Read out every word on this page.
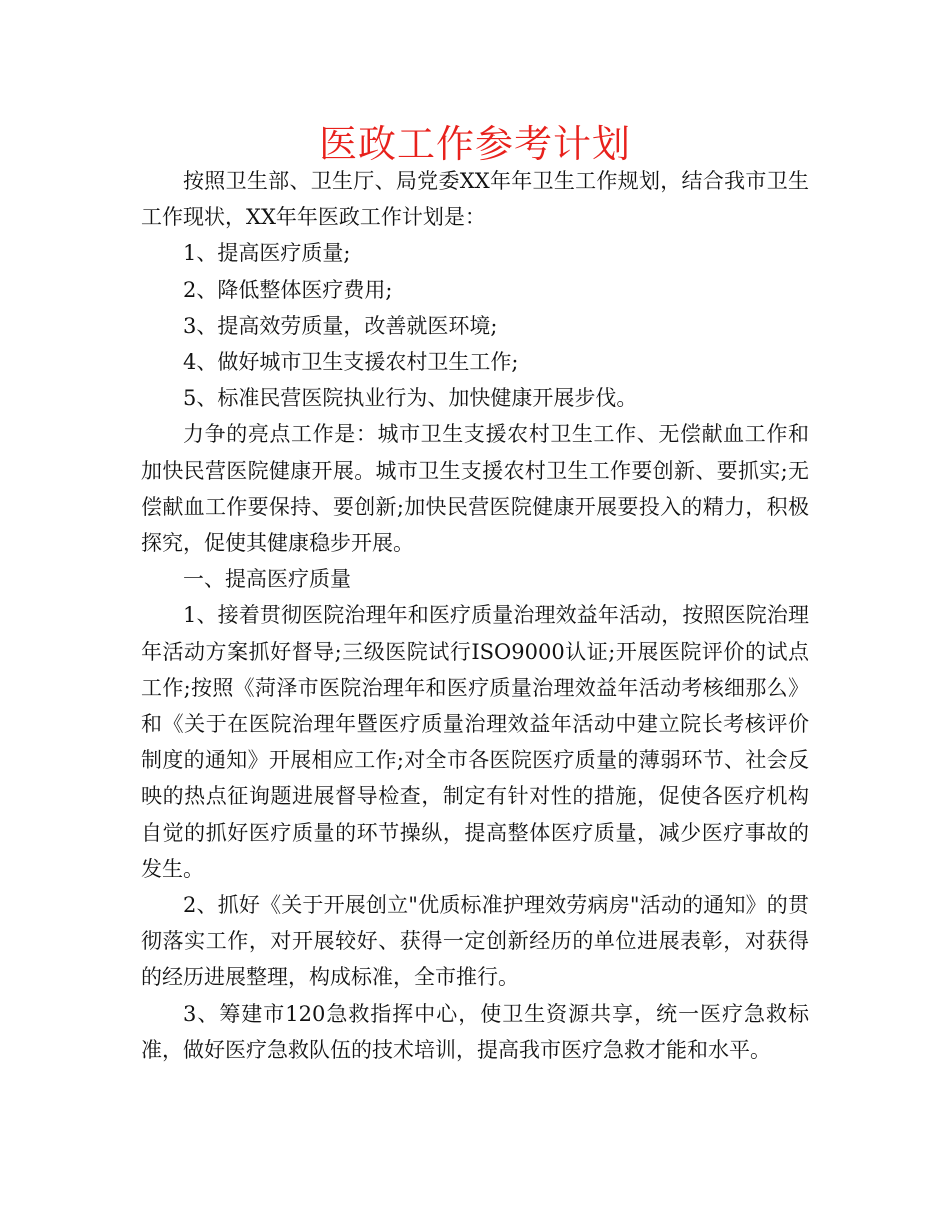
医政工作参考计划

按照卫生部、卫生厅、局党委XX年年卫生工作规划，结合我市卫生工作现状，XX年年医政工作计划是：

1、提高医疗质量;

2、降低整体医疗费用;

3、提高效劳质量，改善就医环境;

4、做好城市卫生支援农村卫生工作;

5、标准民营医院执业行为、加快健康开展步伐。

力争的亮点工作是：城市卫生支援农村卫生工作、无偿献血工作和加快民营医院健康开展。城市卫生支援农村卫生工作要创新、要抓实;无偿献血工作要保持、要创新;加快民营医院健康开展要投入的精力，积极探究，促使其健康稳步开展。

一、提高医疗质量

1、接着贯彻医院治理年和医疗质量治理效益年活动，按照医院治理年活动方案抓好督导;三级医院试行ISO9000认证;开展医院评价的试点工作;按照《菏泽市医院治理年和医疗质量治理效益年活动考核细那么》和《关于在医院治理年暨医疗质量治理效益年活动中建立院长考核评价制度的通知》开展相应工作;对全市各医院医疗质量的薄弱环节、社会反映的热点征询题进展督导检查，制定有针对性的措施，促使各医疗机构自觉的抓好医疗质量的环节操纵，提高整体医疗质量，减少医疗事故的发生。

2、抓好《关于开展创立"优质标准护理效劳病房"活动的通知》的贯彻落实工作，对开展较好、获得一定创新经历的单位进展表彰，对获得的经历进展整理，构成标准，全市推行。

3、筹建市120急救指挥中心，使卫生资源共享，统一医疗急救标准，做好医疗急救队伍的技术培训，提高我市医疗急救才能和水平。
